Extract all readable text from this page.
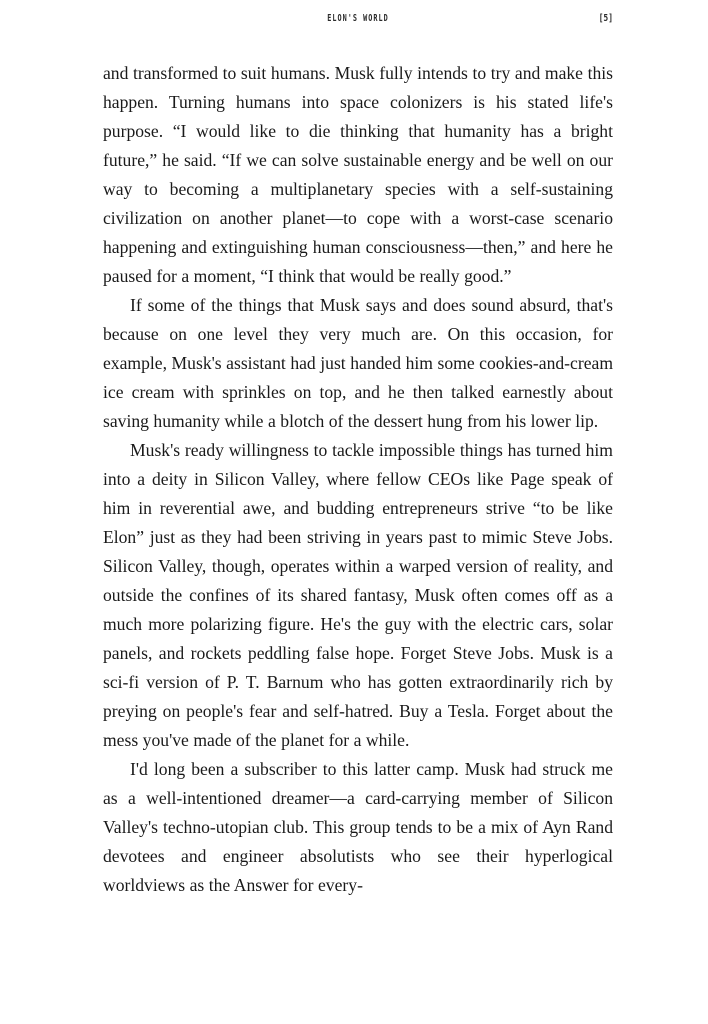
ELON'S WORLD	[5]

and transformed to suit humans. Musk fully intends to try and make this happen. Turning humans into space colonizers is his stated life's purpose. “I would like to die thinking that humanity has a bright future,” he said. “If we can solve sustainable energy and be well on our way to becoming a multiplanetary species with a self-sustaining civilization on another planet—to cope with a worst-case scenario happening and extinguishing human consciousness—then,” and here he paused for a moment, “I think that would be really good.”

If some of the things that Musk says and does sound absurd, that's because on one level they very much are. On this occasion, for example, Musk's assistant had just handed him some cookies-and-cream ice cream with sprinkles on top, and he then talked earnestly about saving humanity while a blotch of the dessert hung from his lower lip.

Musk's ready willingness to tackle impossible things has turned him into a deity in Silicon Valley, where fellow CEOs like Page speak of him in reverential awe, and budding entrepreneurs strive “to be like Elon” just as they had been striving in years past to mimic Steve Jobs. Silicon Valley, though, operates within a warped version of reality, and outside the confines of its shared fantasy, Musk often comes off as a much more polarizing figure. He's the guy with the electric cars, solar panels, and rockets peddling false hope. Forget Steve Jobs. Musk is a sci-fi version of P. T. Barnum who has gotten extraordinarily rich by preying on people's fear and self-hatred. Buy a Tesla. Forget about the mess you've made of the planet for a while.

I'd long been a subscriber to this latter camp. Musk had struck me as a well-intentioned dreamer—a card-carrying member of Silicon Valley's techno-utopian club. This group tends to be a mix of Ayn Rand devotees and engineer absolutists who see their hyperlogical worldviews as the Answer for every-
